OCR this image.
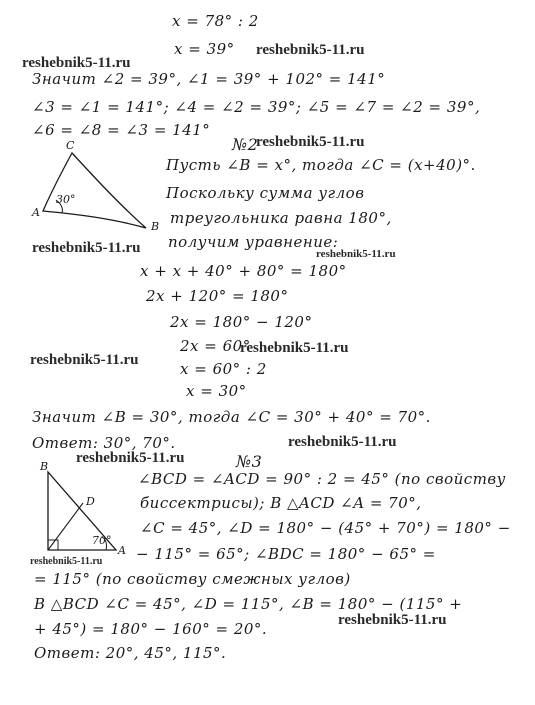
x = 78° : 2
x = 39°
Значит ∠2 = 39°, ∠1 = 39° + 102° = 141°
∠3 = ∠1 = 141°; ∠4 = ∠2 = 39°; ∠5 = ∠7 = ∠2 = 39°,
∠6 = ∠8 = ∠3 = 141°
№2
Пусть ∠B = x°, тогда ∠C = (x+40)°.
Поскольку сумма углов
треугольника равна 180°,
получим уравнение:
x + x + 40° + 80° = 180°
2x + 120° = 180°
2x = 180° − 120°
2x = 60°
x = 60° : 2
x = 30°
Значит ∠B = 30°, тогда ∠C = 30° + 40° = 70°.
Ответ: 30°, 70°.
№3
∠BCD = ∠ACD = 90° : 2 = 45° (по свойству
биссектрисы); В △ACD ∠A = 70°,
∠C = 45°, ∠D = 180° − (45° + 70°) = 180° −
− 115° = 65°; ∠BDC = 180° − 65° =
= 115° (по свойству смежных углов)
В △BCD ∠C = 45°, ∠D = 115°, ∠B = 180° − (115° +
+ 45°) = 180° − 160° = 20°.
Ответ: 20°, 45°, 115°.
C
A
B
30°
B
D
A
70°
reshebnik5-11.ru
reshebnik5-11.ru
reshebnik5-11.ru
reshebnik5-11.ru	reshebnik5-11.ru
reshebnik5-11.ru
reshebnik5-11.ru
reshebnik5-11.ru
reshebnik5-11.ru
reshebnik5-11.ru
reshebnik5-11.ru
